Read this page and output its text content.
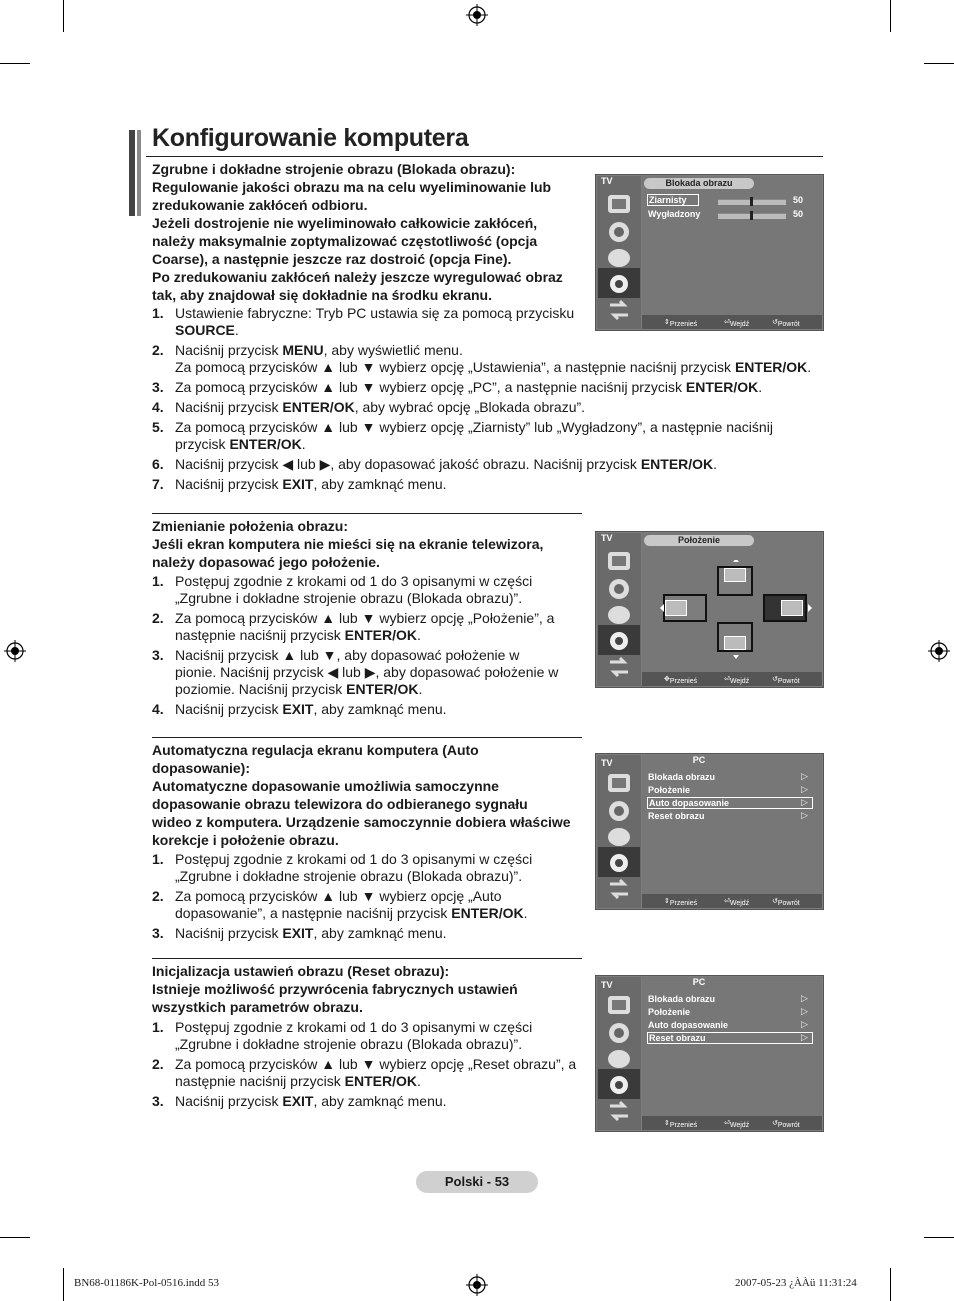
Konfigurowanie komputera
Zgrubne i dokładne strojenie obrazu (Blokada obrazu):
Regulowanie jakości obrazu ma na celu wyeliminowanie lub
zredukowanie zakłóceń odbioru.
Jeżeli dostrojenie nie wyeliminowało całkowicie zakłóceń,
należy maksymalnie zoptymalizować częstotliwość (opcja
Coarse), a następnie jeszcze raz dostroić (opcja Fine).
Po zredukowaniu zakłóceń należy jeszcze wyregulować obraz
tak, aby znajdował się dokładnie na środku ekranu.
1. Ustawienie fabryczne: Tryb PC ustawia się za pomocą przycisku
SOURCE.
2. Naciśnij przycisk MENU, aby wyświetlić menu.
Za pomocą przycisków ▲ lub ▼ wybierz opcję „Ustawienia”, a następnie naciśnij przycisk ENTER/OK.
3. Za pomocą przycisków ▲ lub ▼ wybierz opcję „PC”, a następnie naciśnij przycisk ENTER/OK.
4. Naciśnij przycisk ENTER/OK, aby wybrać opcję „Blokada obrazu”.
5. Za pomocą przycisków ▲ lub ▼ wybierz opcję „Ziarnisty” lub „Wygładzony”, a następnie naciśnij
przycisk ENTER/OK.
6. Naciśnij przycisk ◀ lub ▶, aby dopasować jakość obrazu. Naciśnij przycisk ENTER/OK.
7. Naciśnij przycisk EXIT, aby zamknąć menu.
TV	Blokada obrazu
Ziarnisty
Wygładzony
50
50
⇕ Przenieś	⏎ Wejdź	↺ Powrót
Zmienianie położenia obrazu:
Jeśli ekran komputera nie mieści się na ekranie telewizora,
należy dopasować jego położenie.
1. Postępuj zgodnie z krokami od 1 do 3 opisanymi w części
„Zgrubne i dokładne strojenie obrazu (Blokada obrazu)”.
2. Za pomocą przycisków ▲ lub ▼ wybierz opcję „Położenie”, a
następnie naciśnij przycisk ENTER/OK.
3. Naciśnij przycisk ▲ lub ▼, aby dopasować położenie w
pionie. Naciśnij przycisk ◀ lub ▶, aby dopasować położenie w
poziomie. Naciśnij przycisk ENTER/OK.
4. Naciśnij przycisk EXIT, aby zamknąć menu.
TV	Położenie
✥ Przenieś	⏎ Wejdź	↺ Powrót
Automatyczna regulacja ekranu komputera (Auto
dopasowanie):
Automatyczne dopasowanie umożliwia samoczynne
dopasowanie obrazu telewizora do odbieranego sygnału
wideo z komputera. Urządzenie samoczynnie dobiera właściwe
korekcje i położenie obrazu.
1. Postępuj zgodnie z krokami od 1 do 3 opisanymi w części
„Zgrubne i dokładne strojenie obrazu (Blokada obrazu)”.
2. Za pomocą przycisków ▲ lub ▼ wybierz opcję „Auto
dopasowanie”, a następnie naciśnij przycisk ENTER/OK.
3. Naciśnij przycisk EXIT, aby zamknąć menu.
TV	PC
Blokada obrazu
Położenie
Auto dopasowanie
Reset obrazu
▷
▷
▷
▷
⇕ Przenieś	⏎ Wejdź	↺ Powrót
Inicjalizacja ustawień obrazu (Reset obrazu):
Istnieje możliwość przywrócenia fabrycznych ustawień
wszystkich parametrów obrazu.
1. Postępuj zgodnie z krokami od 1 do 3 opisanymi w części
„Zgrubne i dokładne strojenie obrazu (Blokada obrazu)”.
2. Za pomocą przycisków ▲ lub ▼ wybierz opcję „Reset obrazu”, a
następnie naciśnij przycisk ENTER/OK.
3. Naciśnij przycisk EXIT, aby zamknąć menu.
TV	PC
Blokada obrazu
Położenie
Auto dopasowanie
Reset obrazu
▷
▷
▷
▷
⇕ Przenieś	⏎ Wejdź	↺ Powrót
Polski - 53
BN68-01186K-Pol-0516.indd 53	2007-05-23 ¿ÀÀü 11:31:24
